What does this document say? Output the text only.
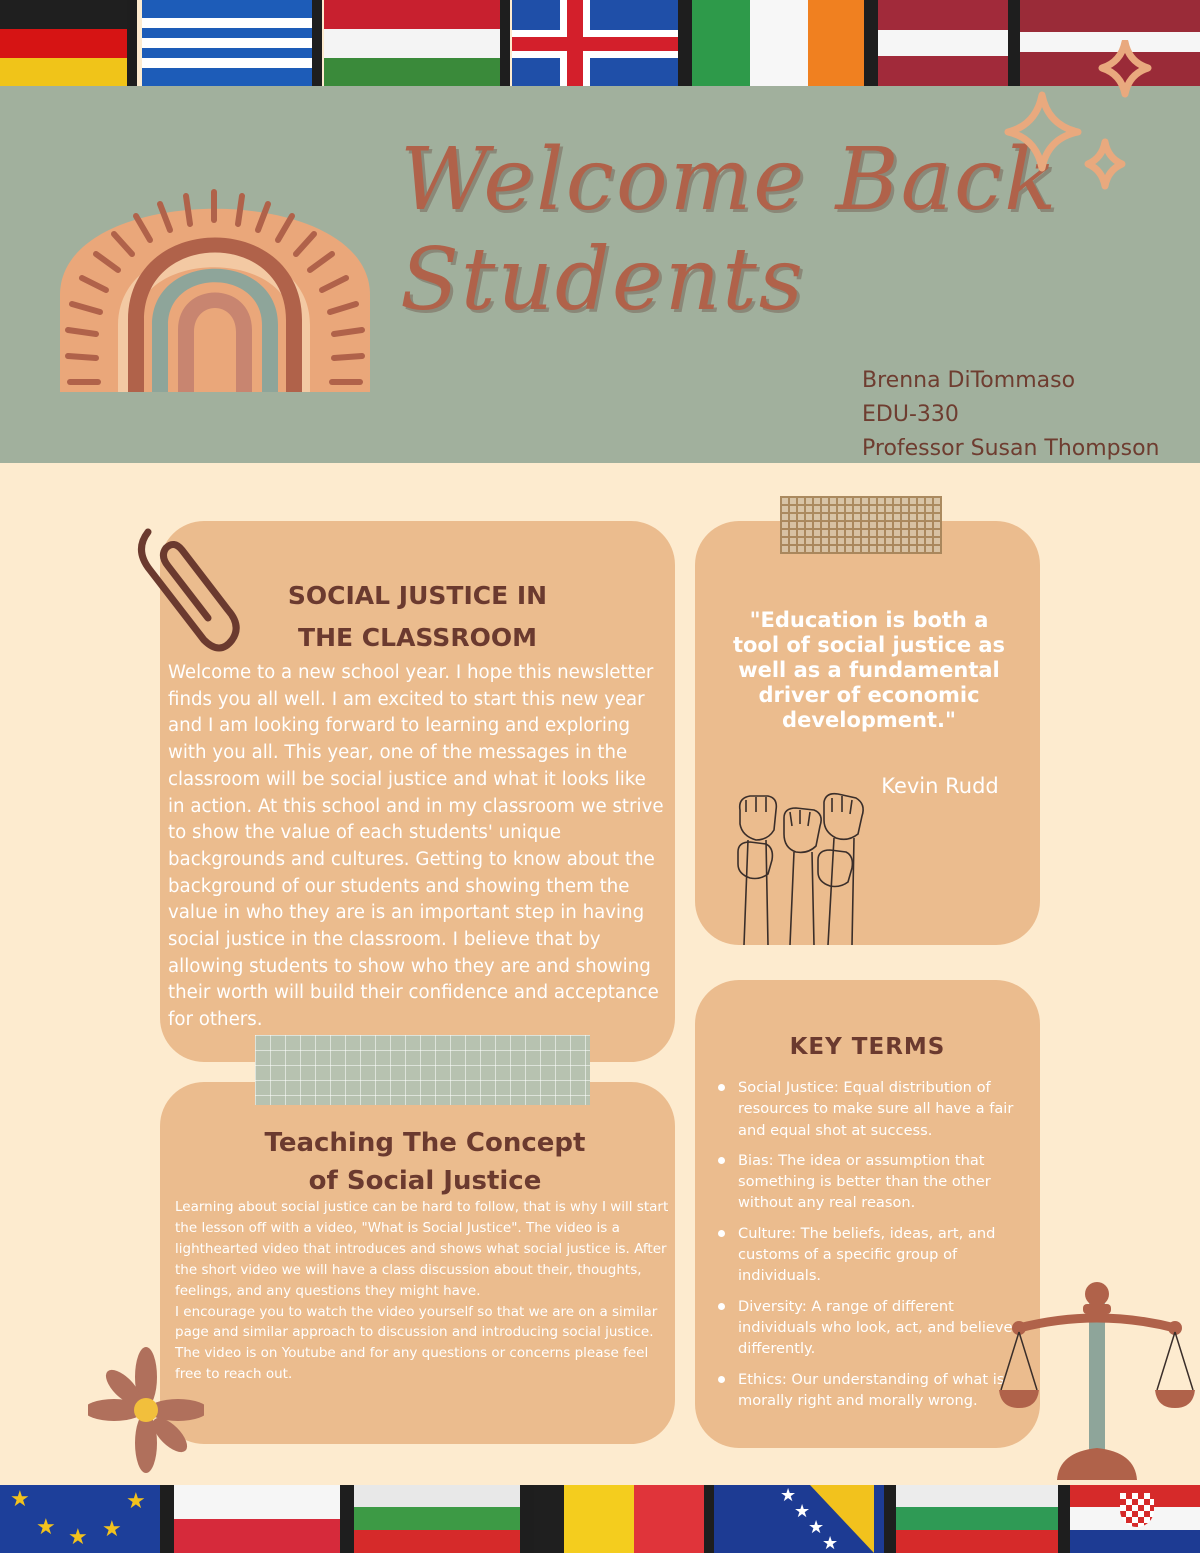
Welcome Back
Students
Brenna DiTommaso
EDU-330
Professor Susan Thompson
SOCIAL JUSTICE IN
THE CLASSROOM
Welcome to a new school year. I hope this newsletter finds you all well. I am excited to start this new year and I am looking forward to learning and exploring with you all. This year, one of the messages in the classroom will be social justice and what it looks like in action. At this school and in my classroom we strive to show the value of each students' unique backgrounds and cultures. Getting to know about the background of our students and showing them the value in who they are is an important step in having social justice in the classroom. I believe that by allowing students to show who they are and showing their worth will build their confidence and acceptance for others.
Teaching The Concept
of Social Justice
Learning about social justice can be hard to follow, that is why I will start the lesson off with a video, "What is Social Justice". The video is a lighthearted video that introduces and shows what social justice is. After the short video we will have a class discussion about their, thoughts, feelings, and any questions they might have.
I encourage you to watch the video yourself so that we are on a similar page and similar approach to discussion and introducing social justice. The video is on Youtube and for any questions or concerns please feel free to reach out.
"Education is both a tool of social justice as well as a fundamental driver of economic development."
Kevin Rudd
KEY TERMS
Social Justice: Equal distribution of resources to make sure all have a fair and equal shot at success.
Bias: The idea or assumption that something is better than the other without any real reason.
Culture: The beliefs, ideas, art, and customs of a specific group of individuals.
Diversity: A range of different individuals who look, act, and believe differently.
Ethics: Our understanding of what is morally right and morally wrong.
★	★
★ ★ ★
★
★
★
★
